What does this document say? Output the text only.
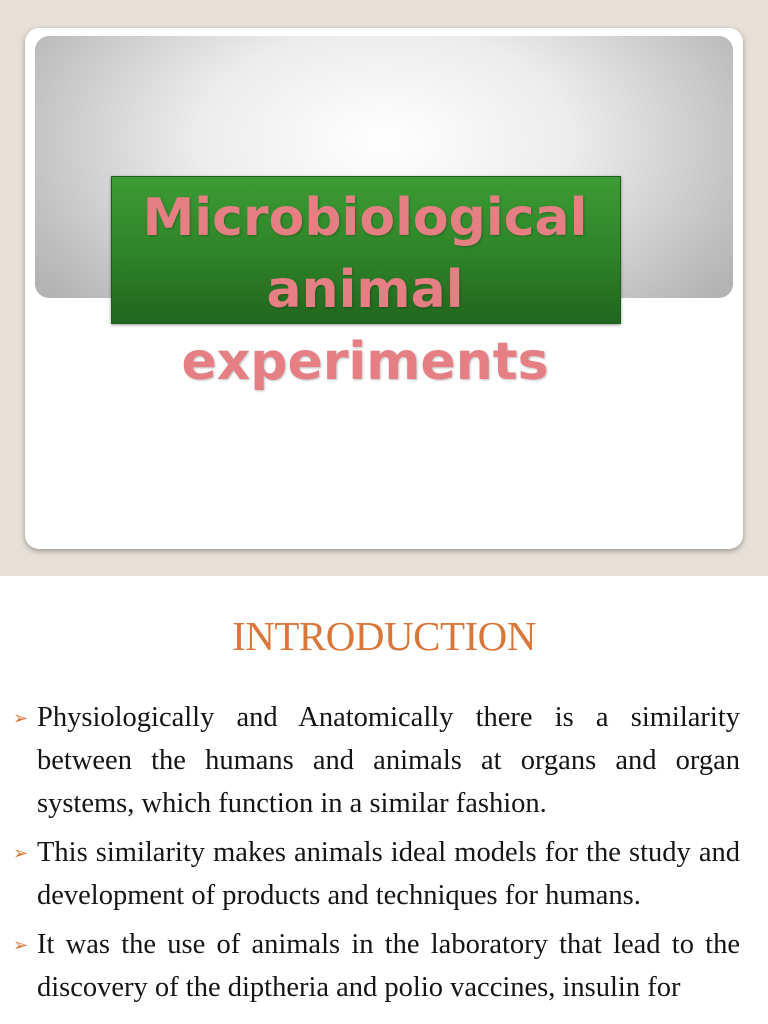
Microbiological
animal
experiments
INTRODUCTION
➢ Physiologically and Anatomically there is a similarity between the humans and animals at organs and organ systems, which function in a similar fashion.
➢ This similarity makes animals ideal models for the study and development of products and techniques for humans.
➢ It was the use of animals in the laboratory that lead to the discovery of the diptheria and polio vaccines, insulin for
